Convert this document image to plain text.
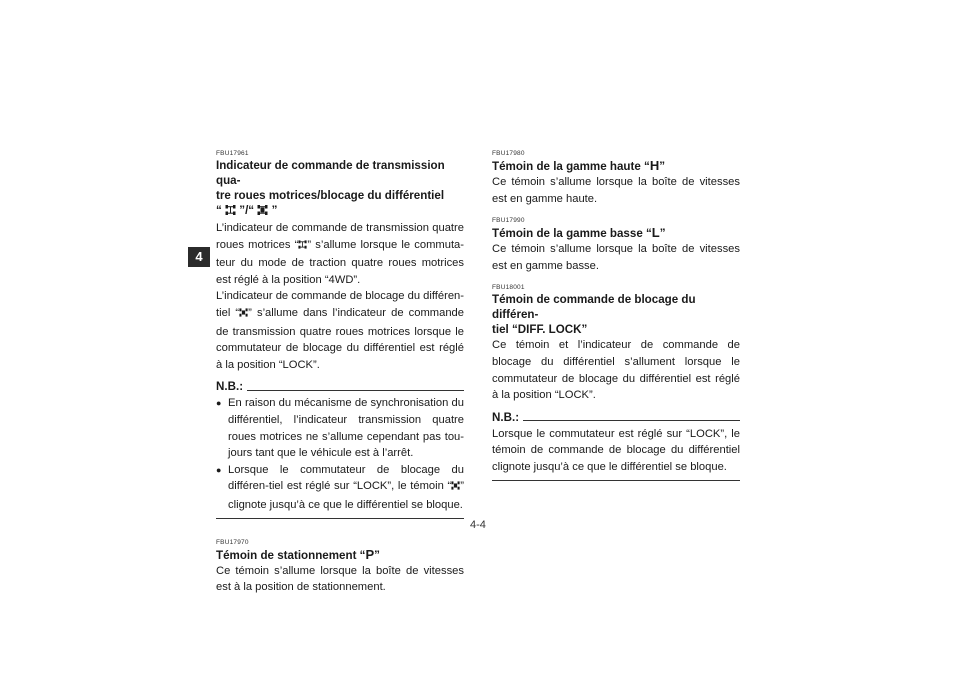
4
FBU17961
Indicateur de commande de transmission qua-
tre roues motrices/blocage du différentiel
“ ”/“ ”

L’indicateur de commande de transmission quatre roues motrices “ ” s’allume lorsque le commuta-teur du mode de traction quatre roues motrices est réglé à la position “4WD”.

L’indicateur de commande de blocage du différen-tiel “ ” s’allume dans l’indicateur de commande de transmission quatre roues motrices lorsque le commutateur de blocage du différentiel est réglé à la position “LOCK”.

N.B.:
● En raison du mécanisme de synchronisation du différentiel, l’indicateur transmission quatre roues motrices ne s’allume cependant pas tou-jours tant que le véhicule est à l’arrêt.
● Lorsque le commutateur de blocage du différen-tiel est réglé sur “LOCK”, le témoin “ ” clignote jusqu’à ce que le différentiel se bloque.
FBU17970
Témoin de stationnement “P”

Ce témoin s’allume lorsque la boîte de vitesses est à la position de stationnement.

FBU17980
Témoin de la gamme haute “H”

Ce témoin s’allume lorsque la boîte de vitesses est en gamme haute.

FBU17990
Témoin de la gamme basse “L”

Ce témoin s’allume lorsque la boîte de vitesses est en gamme basse.

FBU18001
Témoin de commande de blocage du différen-
tiel “DIFF. LOCK”

Ce témoin et l’indicateur de commande de blocage du différentiel s’allument lorsque le commutateur de blocage du différentiel est réglé à la position “LOCK”.

N.B.:

Lorsque le commutateur est réglé sur “LOCK”, le témoin de commande de blocage du différentiel clignote jusqu’à ce que le différentiel se bloque.

4-4
